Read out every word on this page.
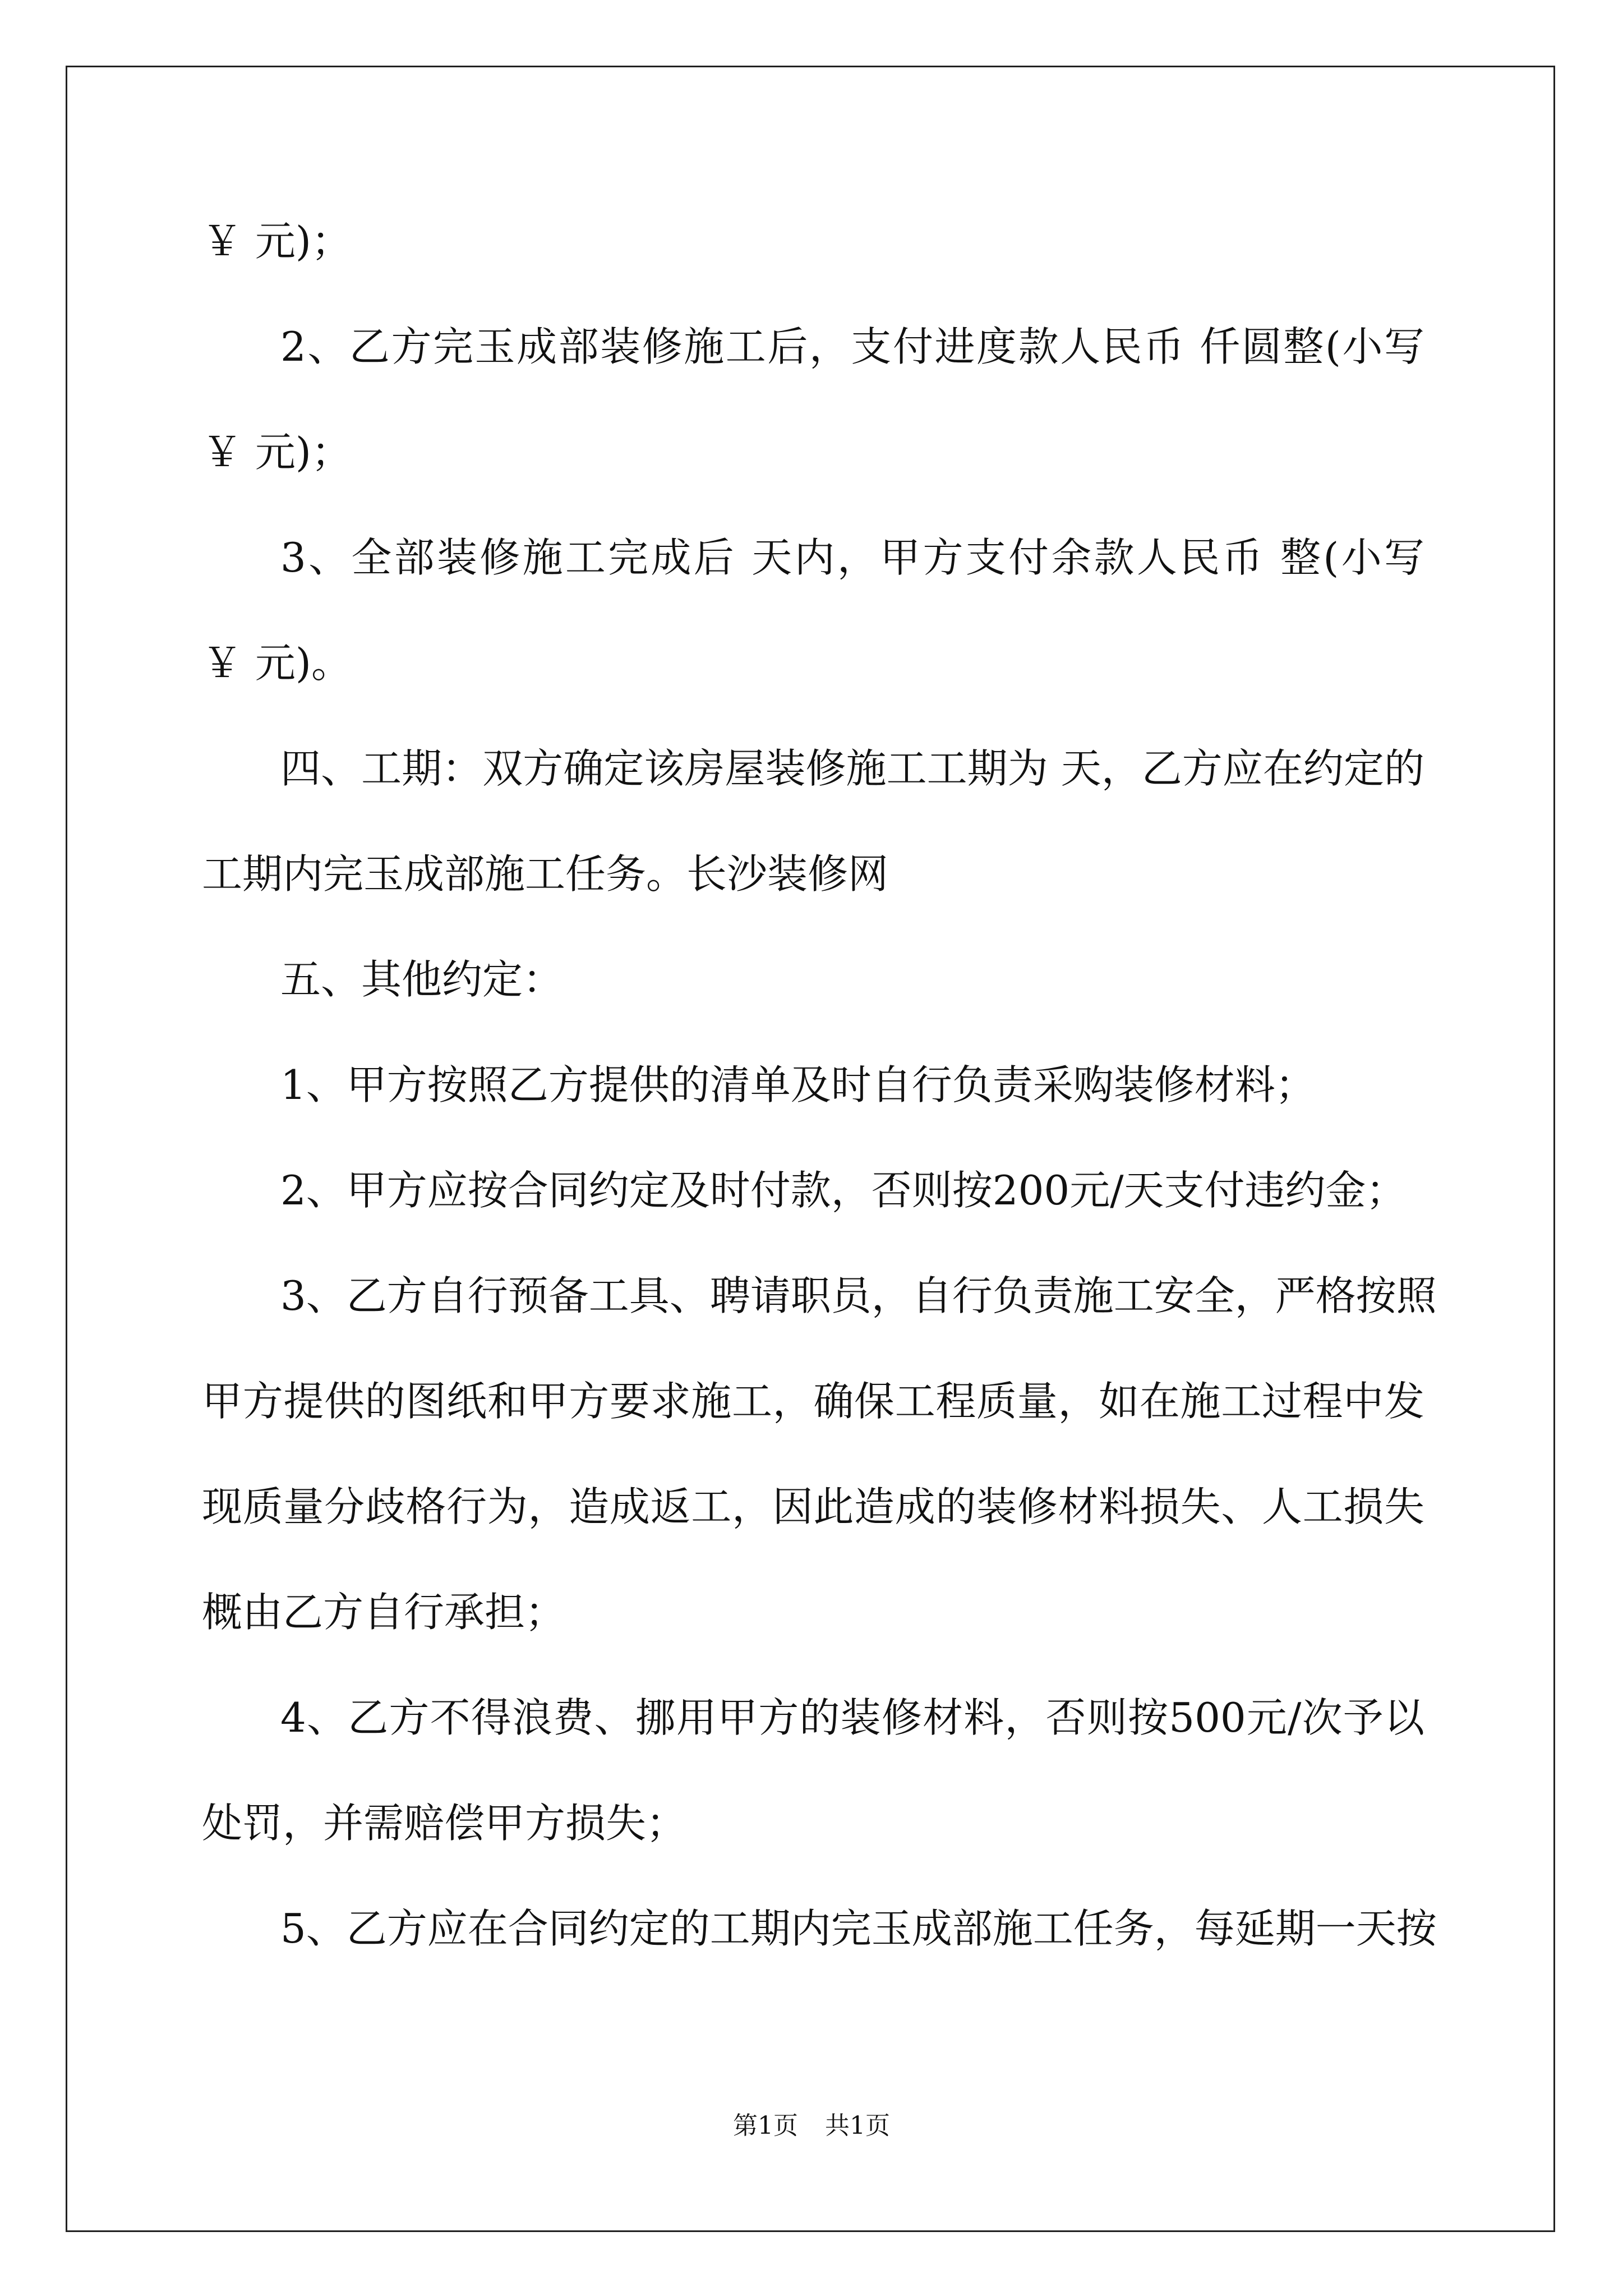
￥ 元)；
2、乙方完玉成部装修施工后，支付进度款人民币 仟圆整(小写
￥ 元)；
3、全部装修施工完成后 天内，甲方支付余款人民币 整(小写
￥ 元)。
四、工期：双方确定该房屋装修施工工期为 天，乙方应在约定的
工期内完玉成部施工任务。长沙装修网
五、其他约定：
1、甲方按照乙方提供的清单及时自行负责采购装修材料；
2、甲方应按合同约定及时付款，否则按200元/天支付违约金；
3、乙方自行预备工具、聘请职员，自行负责施工安全，严格按照
甲方提供的图纸和甲方要求施工，确保工程质量，如在施工过程中发
现质量分歧格行为，造成返工，因此造成的装修材料损失、人工损失
概由乙方自行承担；
4、乙方不得浪费、挪用甲方的装修材料，否则按500元/次予以
处罚，并需赔偿甲方损失；
5、乙方应在合同约定的工期内完玉成部施工任务，每延期一天按
第1页 共1页
